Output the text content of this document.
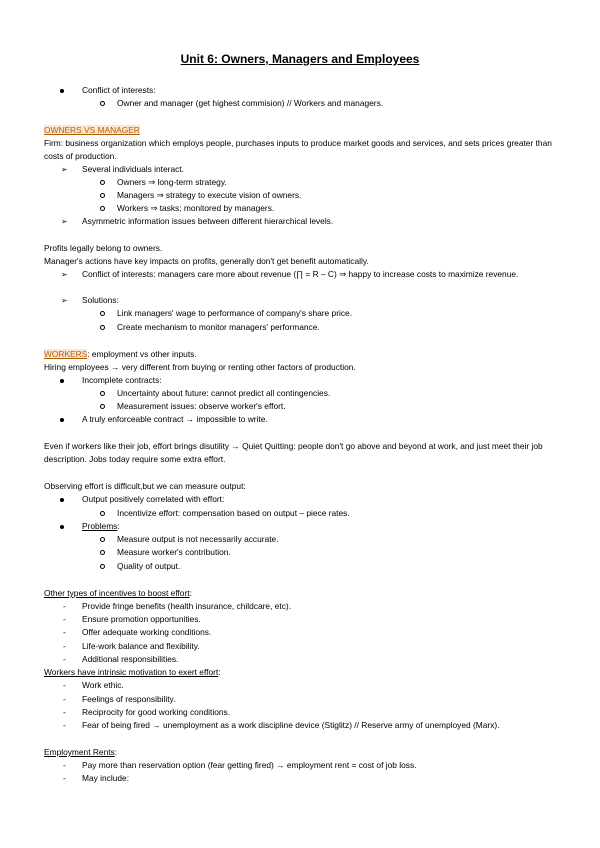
Unit 6: Owners, Managers and Employees
Conflict of interests:
Owner and manager (get highest commision) // Workers and managers.
OWNERS VS MANAGER
Firm: business organization which employs people, purchases inputs to produce market goods and services, and sets prices greater than costs of production.
➢ Several individuals interact.
Owners ⇒ long-term strategy.
Managers ⇒ strategy to execute vision of owners.
Workers ⇒ tasks; monitored by managers.
➢ Asymmetric information issues between different hierarchical levels.
Profits legally belong to owners.
Manager's actions have key impacts on profits, generally don't get benefit automatically.
➢ Conflict of interests: managers care more about revenue (∏ = R – C) ⇒ happy to increase costs to maximize revenue.
➢ Solutions:
Link managers' wage to performance of company's share price.
Create mechanism to monitor managers' performance.
WORKERS: employment vs other inputs.
Hiring employees → very different from buying or renting other factors of production.
Incomplete contracts:
Uncertainty about future: cannot predict all contingencies.
Measurement issues: observe worker's effort.
A truly enforceable contract → impossible to write.
Even if workers like their job, effort brings disutility → Quiet Quitting: people don't go above and beyond at work, and just meet their job description. Jobs today require some extra effort.
Observing effort is difficult,but we can measure output:
Output positively correlated with effort:
Incentivize effort: compensation based on output – piece rates.
Problems:
Measure output is not necessarily accurate.
Measure worker's contribution.
Quality of output.
Other types of incentives to boost effort:
- Provide fringe benefits (health insurance, childcare, etc).
- Ensure promotion opportunities.
- Offer adequate working conditions.
- Life-work balance and flexibility.
- Additional responsibilities.
Workers have intrinsic motivation to exert effort:
- Work ethic.
- Feelings of responsibility.
- Reciprocity for good working conditions.
- Fear of being fired → unemployment as a work discipline device (Stiglitz) // Reserve army of unemployed (Marx).
Employment Rents:
- Pay more than reservation option (fear getting fired) → employment rent = cost of job loss.
- May include:
